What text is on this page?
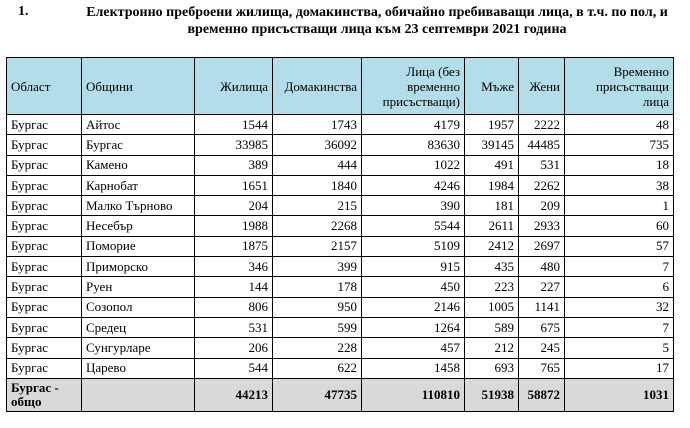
1.	Електронно преброени жилища, домакинства, обичайно пребиваващи лица, в т.ч. по пол, и временно присъстващи лица към 23 септември 2021 година
Област	Общини	Жилища	Домакинства	Лица (без временно присъстващи)	Мъже	Жени	Временно присъстващи лица
Бургас	Айтос	1544	1743	4179	1957	2222	48
Бургас	Бургас	33985	36092	83630	39145	44485	735
Бургас	Камено	389	444	1022	491	531	18
Бургас	Карнобат	1651	1840	4246	1984	2262	38
Бургас	Малко Търново	204	215	390	181	209	1
Бургас	Несебър	1988	2268	5544	2611	2933	60
Бургас	Поморие	1875	2157	5109	2412	2697	57
Бургас	Приморско	346	399	915	435	480	7
Бургас	Руен	144	178	450	223	227	6
Бургас	Созопол	806	950	2146	1005	1141	32
Бургас	Средец	531	599	1264	589	675	7
Бургас	Сунгурларе	206	228	457	212	245	5
Бургас	Царево	544	622	1458	693	765	17
Бургас - общо		44213	47735	110810	51938	58872	1031
